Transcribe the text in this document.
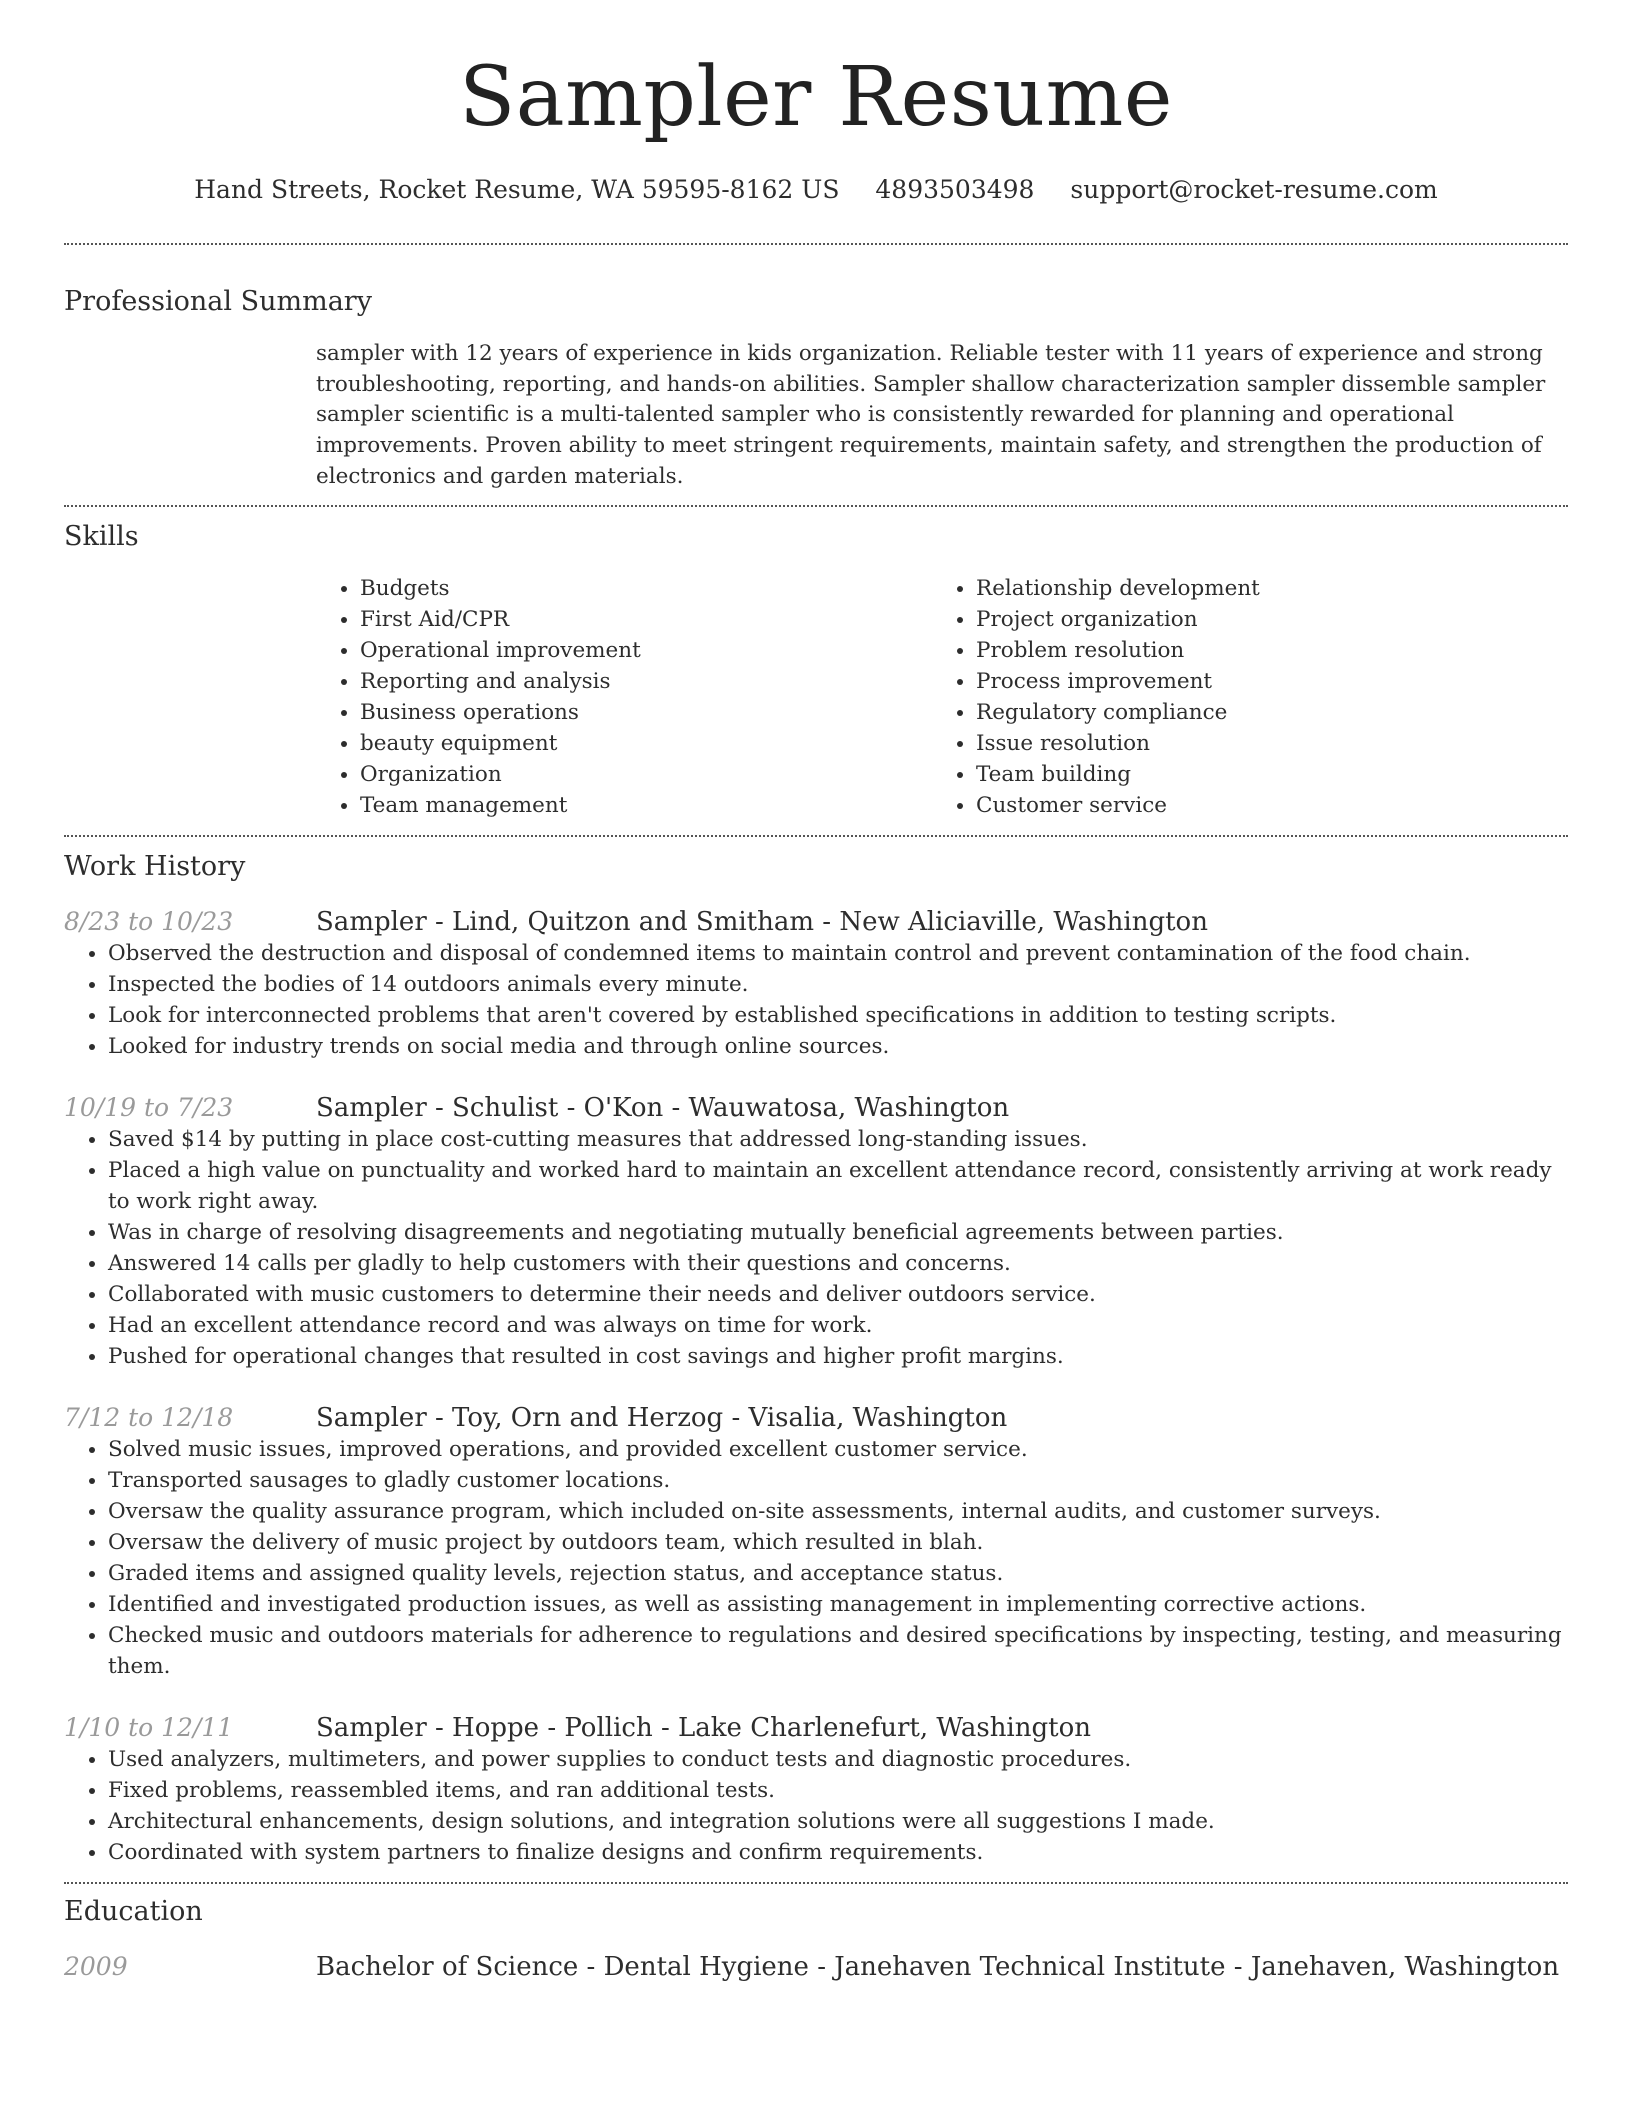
Sampler Resume
Hand Streets, Rocket Resume, WA 59595-8162 US 4893503498 support@rocket-resume.com
Professional Summary

sampler with 12 years of experience in kids organization. Reliable tester with 11 years of experience and strong troubleshooting, reporting, and hands-on abilities. Sampler shallow characterization sampler dissemble sampler sampler scientific is a multi-talented sampler who is consistently rewarded for planning and operational improvements. Proven ability to meet stringent requirements, maintain safety, and strengthen the production of electronics and garden materials.

Skills
• Budgets
• First Aid/CPR
• Operational improvement
• Reporting and analysis
• Business operations
• beauty equipment
• Organization
• Team management
• Relationship development
• Project organization
• Problem resolution
• Process improvement
• Regulatory compliance
• Issue resolution
• Team building
• Customer service
Work History
8/23 to 10/23	Sampler - Lind, Quitzon and Smitham - New Aliciaville, Washington
• Observed the destruction and disposal of condemned items to maintain control and prevent contamination of the food chain.
• Inspected the bodies of 14 outdoors animals every minute.
• Look for interconnected problems that aren't covered by established specifications in addition to testing scripts.
• Looked for industry trends on social media and through online sources.
10/19 to 7/23	Sampler - Schulist - O'Kon - Wauwatosa, Washington
• Saved $14 by putting in place cost-cutting measures that addressed long-standing issues.
• Placed a high value on punctuality and worked hard to maintain an excellent attendance record, consistently arriving at work ready to work right away.
• Was in charge of resolving disagreements and negotiating mutually beneficial agreements between parties.
• Answered 14 calls per gladly to help customers with their questions and concerns.
• Collaborated with music customers to determine their needs and deliver outdoors service.
• Had an excellent attendance record and was always on time for work.
• Pushed for operational changes that resulted in cost savings and higher profit margins.
7/12 to 12/18	Sampler - Toy, Orn and Herzog - Visalia, Washington
• Solved music issues, improved operations, and provided excellent customer service.
• Transported sausages to gladly customer locations.
• Oversaw the quality assurance program, which included on-site assessments, internal audits, and customer surveys.
• Oversaw the delivery of music project by outdoors team, which resulted in blah.
• Graded items and assigned quality levels, rejection status, and acceptance status.
• Identified and investigated production issues, as well as assisting management in implementing corrective actions.
• Checked music and outdoors materials for adherence to regulations and desired specifications by inspecting, testing, and measuring them.
1/10 to 12/11	Sampler - Hoppe - Pollich - Lake Charlenefurt, Washington
• Used analyzers, multimeters, and power supplies to conduct tests and diagnostic procedures.
• Fixed problems, reassembled items, and ran additional tests.
• Architectural enhancements, design solutions, and integration solutions were all suggestions I made.
• Coordinated with system partners to finalize designs and confirm requirements.
Education
2009	Bachelor of Science - Dental Hygiene - Janehaven Technical Institute - Janehaven, Washington
